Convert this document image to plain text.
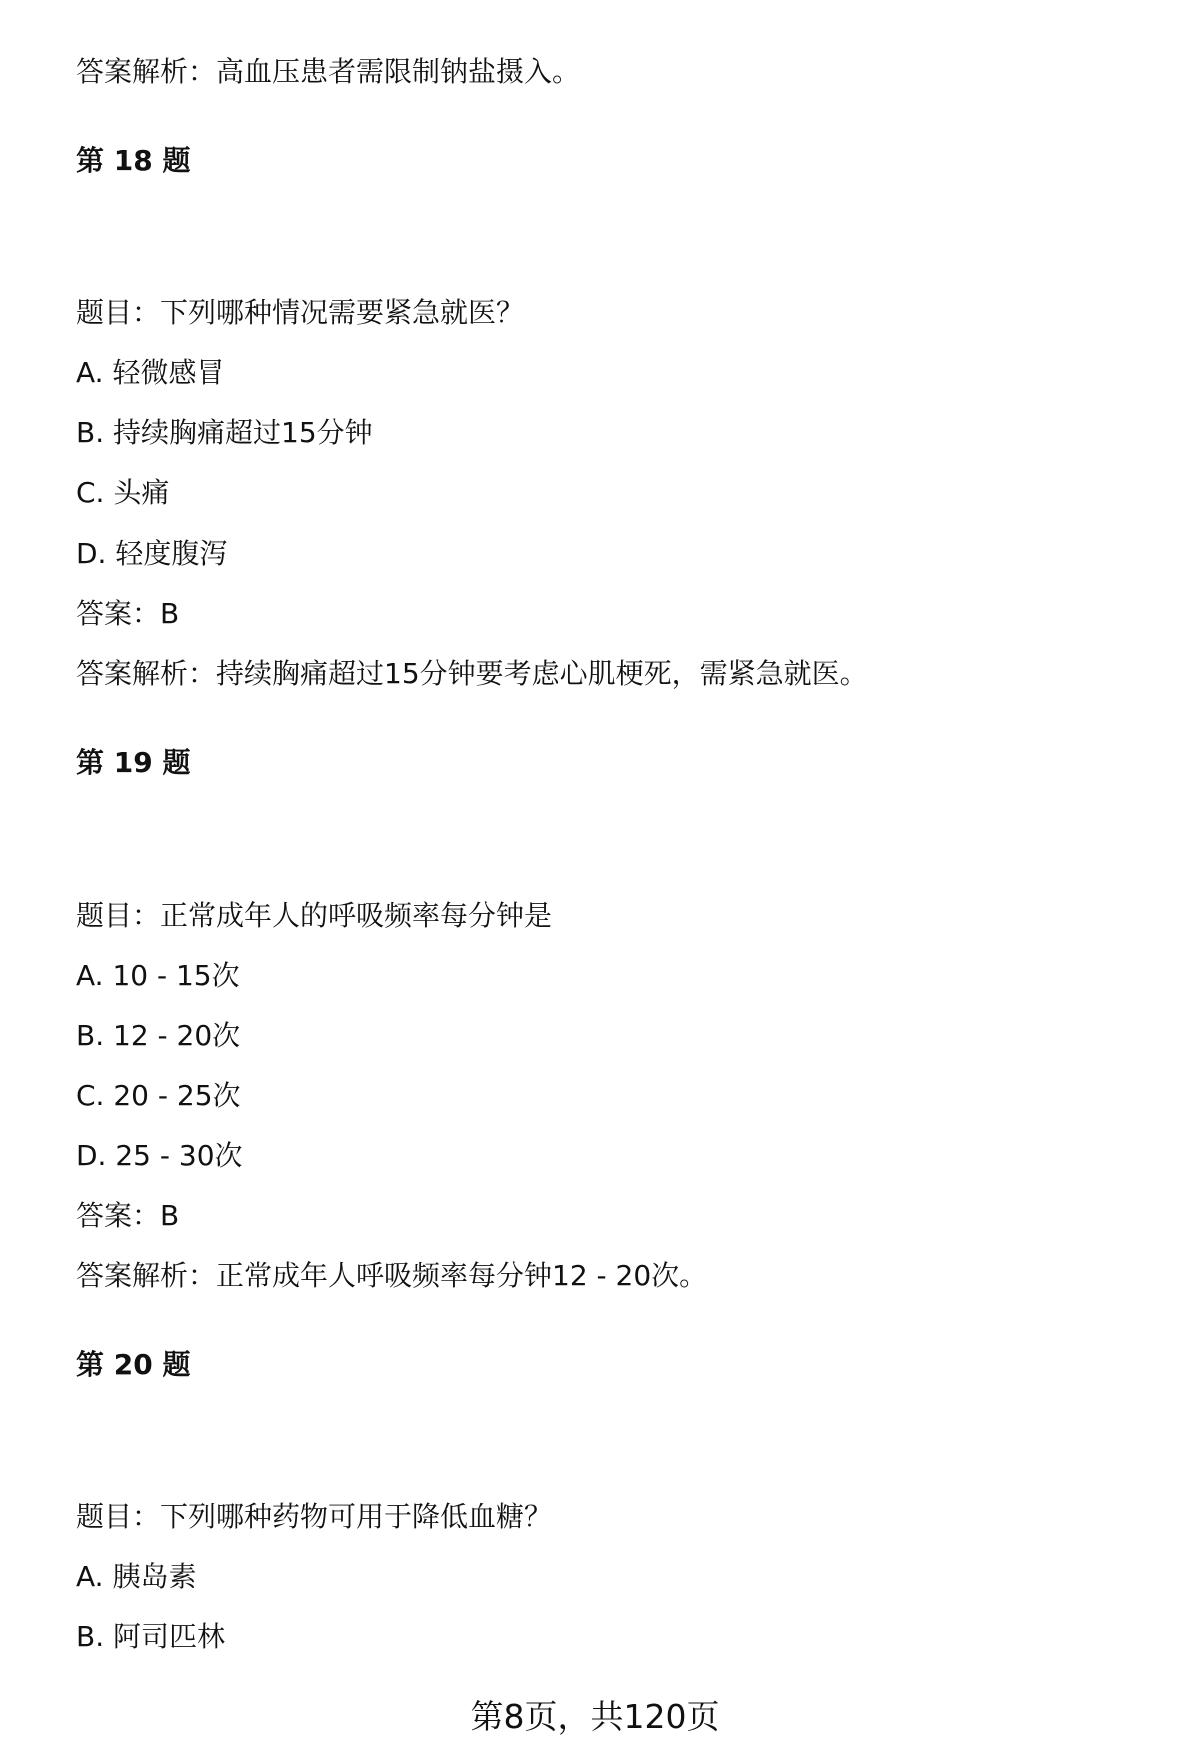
答案解析：高血压患者需限制钠盐摄入。
第 18 题
题目：下列哪种情况需要紧急就医？
A. 轻微感冒
B. 持续胸痛超过15分钟
C. 头痛
D. 轻度腹泻
答案：B
答案解析：持续胸痛超过15分钟要考虑心肌梗死，需紧急就医。
第 19 题
题目：正常成年人的呼吸频率每分钟是
A. 10 - 15次
B. 12 - 20次
C. 20 - 25次
D. 25 - 30次
答案：B
答案解析：正常成年人呼吸频率每分钟12 - 20次。
第 20 题
题目：下列哪种药物可用于降低血糖？
A. 胰岛素
B. 阿司匹林
第8页，共120页
